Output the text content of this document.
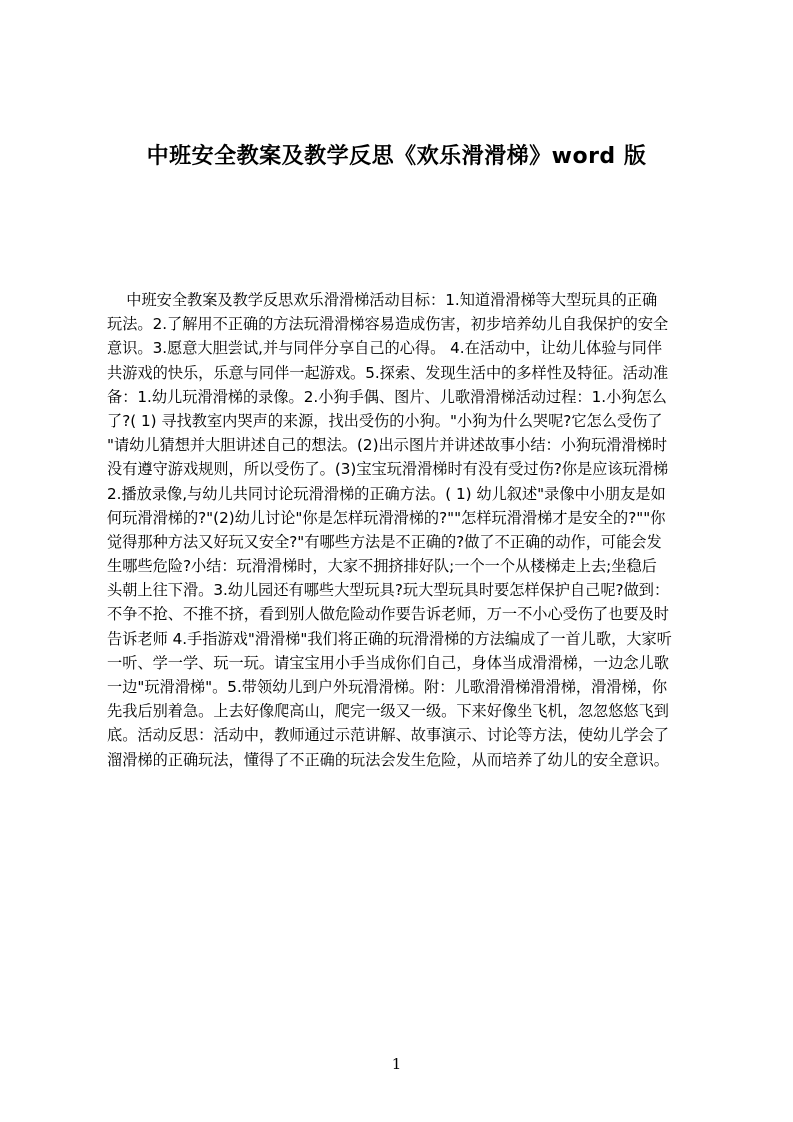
中班安全教案及教学反思《欢乐滑滑梯》word 版
中班安全教案及教学反思欢乐滑滑梯活动目标：1.知道滑滑梯等大型玩具的正确
玩法。2.了解用不正确的方法玩滑滑梯容易造成伤害，初步培养幼儿自我保护的安全
意识。3.愿意大胆尝试,并与同伴分享自己的心得。 4.在活动中，让幼儿体验与同伴
共游戏的快乐，乐意与同伴一起游戏。5.探索、发现生活中的多样性及特征。活动准
备：1.幼儿玩滑滑梯的录像。2.小狗手偶、图片、儿歌滑滑梯活动过程：1.小狗怎么
了?( 1) 寻找教室内哭声的来源，找出受伤的小狗。"小狗为什么哭呢?它怎么受伤了
"请幼儿猜想并大胆讲述自己的想法。(2)出示图片并讲述故事小结：小狗玩滑滑梯时
没有遵守游戏规则，所以受伤了。(3)宝宝玩滑滑梯时有没有受过伤?你是应该玩滑梯
2.播放录像,与幼儿共同讨论玩滑滑梯的正确方法。( 1) 幼儿叙述"录像中小朋友是如
何玩滑滑梯的?"(2)幼儿讨论"你是怎样玩滑滑梯的?""怎样玩滑滑梯才是安全的?""你
觉得那种方法又好玩又安全?"有哪些方法是不正确的?做了不正确的动作，可能会发
生哪些危险?小结：玩滑滑梯时，大家不拥挤排好队;一个一个从楼梯走上去;坐稳后
头朝上往下滑。3.幼儿园还有哪些大型玩具?玩大型玩具时要怎样保护自己呢?做到：
不争不抢、不推不挤，看到别人做危险动作要告诉老师，万一不小心受伤了也要及时
告诉老师 4.手指游戏"滑滑梯"我们将正确的玩滑滑梯的方法编成了一首儿歌，大家听
一听、学一学、玩一玩。请宝宝用小手当成你们自己，身体当成滑滑梯，一边念儿歌
一边"玩滑滑梯"。5.带领幼儿到户外玩滑滑梯。附：儿歌滑滑梯滑滑梯，滑滑梯，你
先我后别着急。上去好像爬高山，爬完一级又一级。下来好像坐飞机，忽忽悠悠飞到
底。活动反思：活动中，教师通过示范讲解、故事演示、讨论等方法，使幼儿学会了
溜滑梯的正确玩法，懂得了不正确的玩法会发生危险，从而培养了幼儿的安全意识。
1
